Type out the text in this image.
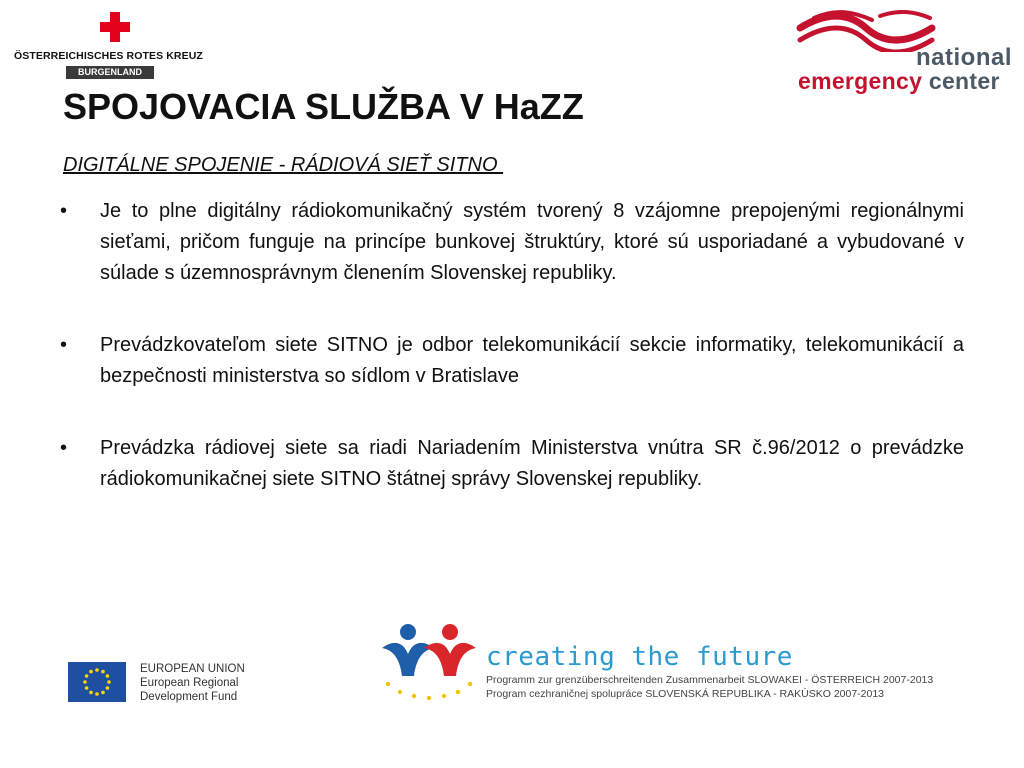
ÖSTERREICHISCHES ROTES KREUZ
BURGENLAND
national
emergency center
SPOJOVACIA SLUŽBA V HaZZ
DIGITÁLNE SPOJENIE - RÁDIOVÁ SIEŤ SITNO
• Je to plne digitálny rádiokomunikačný systém tvorený 8 vzájomne prepojenými regionálnymi sieťami, pričom funguje na princípe bunkovej štruktúry, ktoré sú usporiadané a vybudované v súlade s územnosprávnym členením Slovenskej republiky.
• Prevádzkovateľom siete SITNO je odbor telekomunikácií sekcie informatiky, telekomunikácií a bezpečnosti ministerstva so sídlom v Bratislave
• Prevádzka rádiovej siete sa riadi Nariadením Ministerstva vnútra SR č.96/2012 o prevádzke rádiokomunikačnej siete SITNO štátnej správy Slovenskej republiky.
EUROPEAN UNION
European Regional
Development Fund
creating the future
Programm zur grenzüberschreitenden Zusammenarbeit SLOWAKEI - ÖSTERREICH 2007-2013
Program cezhraničnej spolupráce SLOVENSKÁ REPUBLIKA - RAKÚSKO 2007-2013
